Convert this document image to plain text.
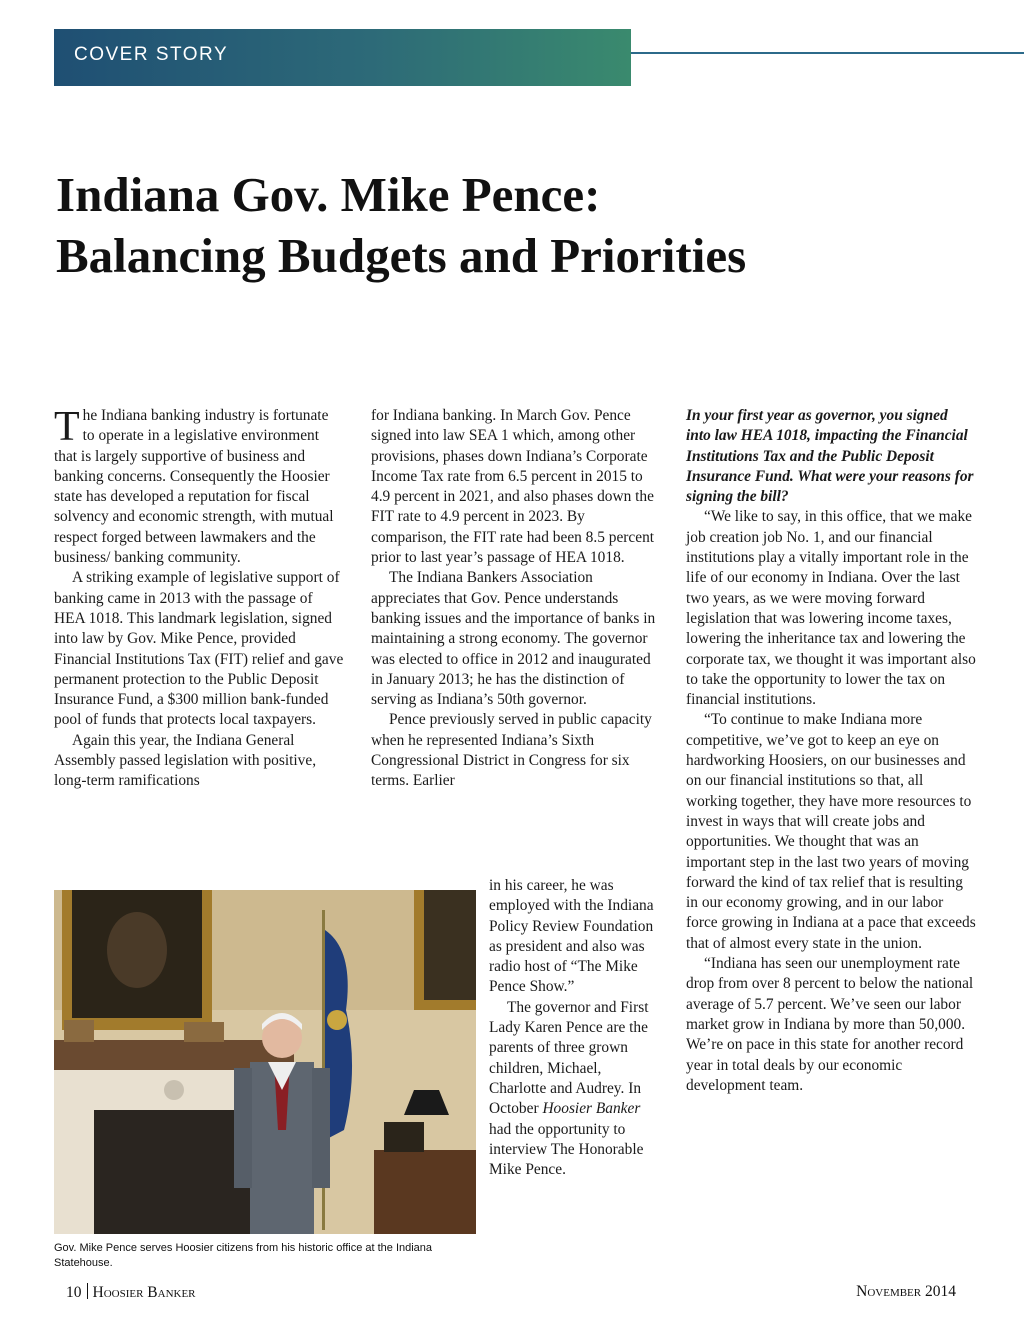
COVER STORY
Indiana Gov. Mike Pence:
Balancing Budgets and Priorities

The Indiana banking industry is fortunate to operate in a legislative environment that is largely supportive of business and banking concerns. Consequently the Hoosier state has developed a reputation for fiscal solvency and economic strength, with mutual respect forged between lawmakers and the business/ banking community.

A striking example of legislative support of banking came in 2013 with the passage of HEA 1018. This landmark legislation, signed into law by Gov. Mike Pence, provided Financial Institutions Tax (FIT) relief and gave permanent protection to the Public Deposit Insurance Fund, a $300 million bank-funded pool of funds that protects local taxpayers.

Again this year, the Indiana General Assembly passed legislation with positive, long-term ramifications

for Indiana banking. In March Gov. Pence signed into law SEA 1 which, among other provisions, phases down Indiana’s Corporate Income Tax rate from 6.5 percent in 2015 to 4.9 percent in 2021, and also phases down the FIT rate to 4.9 percent in 2023. By comparison, the FIT rate had been 8.5 percent prior to last year’s passage of HEA 1018.

The Indiana Bankers Association appreciates that Gov. Pence understands banking issues and the importance of banks in maintaining a strong economy. The governor was elected to office in 2012 and inaugurated in January 2013; he has the distinction of serving as Indiana’s 50th governor.

Pence previously served in public capacity when he represented Indiana’s Sixth Congressional District in Congress for six terms. Earlier

in his career, he was employed with the Indiana Policy Review Foundation as president and also was radio host of “The Mike Pence Show.”

The governor and First Lady Karen Pence are the parents of three grown children, Michael, Charlotte and Audrey. In October Hoosier Banker had the opportunity to interview The Honorable Mike Pence.

In your first year as governor, you signed into law HEA 1018, impacting the Financial Institutions Tax and the Public Deposit Insurance Fund. What were your reasons for signing the bill?

“We like to say, in this office, that we make job creation job No. 1, and our financial institutions play a vitally important role in the life of our economy in Indiana. Over the last two years, as we were moving forward legislation that was lowering income taxes, lowering the inheritance tax and lowering the corporate tax, we thought it was important also to take the opportunity to lower the tax on financial institutions.

“To continue to make Indiana more competitive, we’ve got to keep an eye on hardworking Hoosiers, on our businesses and on our financial institutions so that, all working together, they have more resources to invest in ways that will create jobs and opportunities. We thought that was an important step in the last two years of moving forward the kind of tax relief that is resulting in our economy growing, and in our labor force growing in Indiana at a pace that exceeds that of almost every state in the union.

“Indiana has seen our unemployment rate drop from over 8 percent to below the national average of 5.7 percent. We’ve seen our labor market grow in Indiana by more than 50,000. We’re on pace in this state for another record year in total deals by our economic development team.

Gov. Mike Pence serves Hoosier citizens from his historic office at the Indiana Statehouse.
10 Hoosier Banker	November 2014
